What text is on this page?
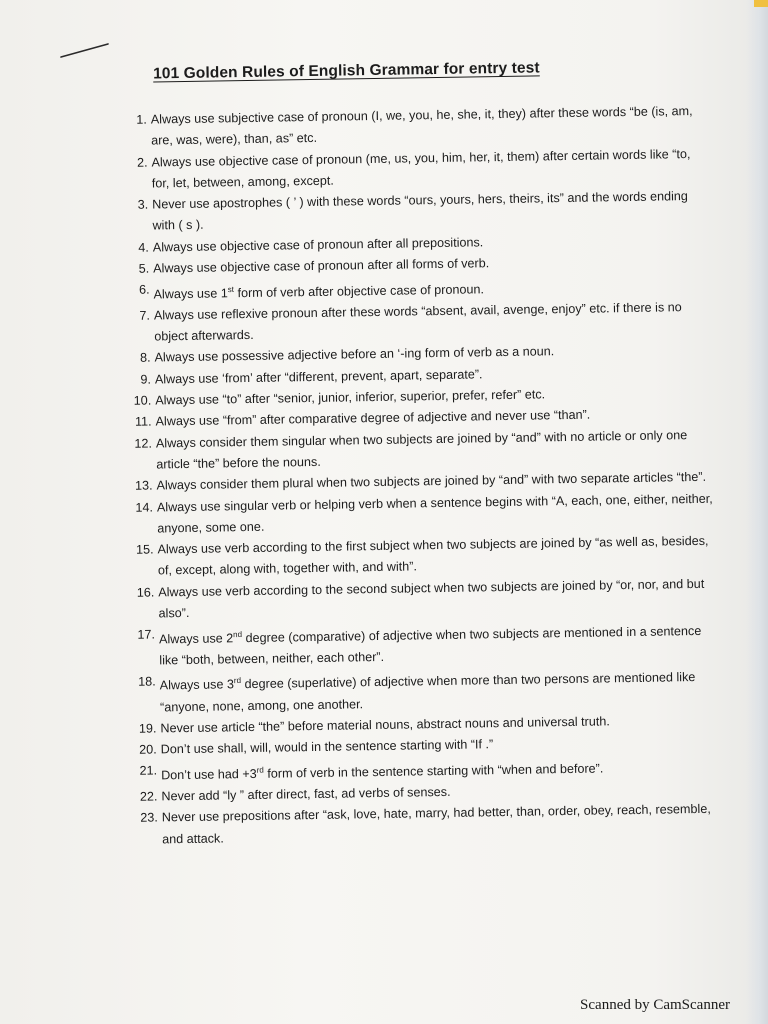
101 Golden Rules of English Grammar for entry test
1. Always use subjective case of pronoun (I, we, you, he, she, it, they) after these words “be (is, am, are, was, were), than, as” etc.
2. Always use objective case of pronoun (me, us, you, him, her, it, them) after certain words like “to, for, let, between, among, except.
3. Never use apostrophes ( ’ ) with these words “ours, yours, hers, theirs, its” and the words ending with ( s ).
4. Always use objective case of pronoun after all prepositions.
5. Always use objective case of pronoun after all forms of verb.
6. Always use 1st form of verb after objective case of pronoun.
7. Always use reflexive pronoun after these words “absent, avail, avenge, enjoy” etc. if there is no object afterwards.
8. Always use possessive adjective before an ‘-ing form of verb as a noun.
9. Always use ‘from’ after “different, prevent, apart, separate”.
10. Always use “to” after “senior, junior, inferior, superior, prefer, refer” etc.
11. Always use “from” after comparative degree of adjective and never use “than”.
12. Always consider them singular when two subjects are joined by “and” with no article or only one article “the” before the nouns.
13. Always consider them plural when two subjects are joined by “and” with two separate articles “the”.
14. Always use singular verb or helping verb when a sentence begins with “A, each, one, either, neither, anyone, some one.
15. Always use verb according to the first subject when two subjects are joined by “as well as, besides, of, except, along with, together with, and with”.
16. Always use verb according to the second subject when two subjects are joined by “or, nor, and but also”.
17. Always use 2nd degree (comparative) of adjective when two subjects are mentioned in a sentence like “both, between, neither, each other”.
18. Always use 3rd degree (superlative) of adjective when more than two persons are mentioned like “anyone, none, among, one another.
19. Never use article “the” before material nouns, abstract nouns and universal truth.
20. Don’t use shall, will, would in the sentence starting with “If .”
21. Don’t use had +3rd form of verb in the sentence starting with “when and before”.
22. Never add “ly ” after direct, fast, ad verbs of senses.
23. Never use prepositions after “ask, love, hate, marry, had better, than, order, obey, reach, resemble, and attack.
Scanned by CamScanner
